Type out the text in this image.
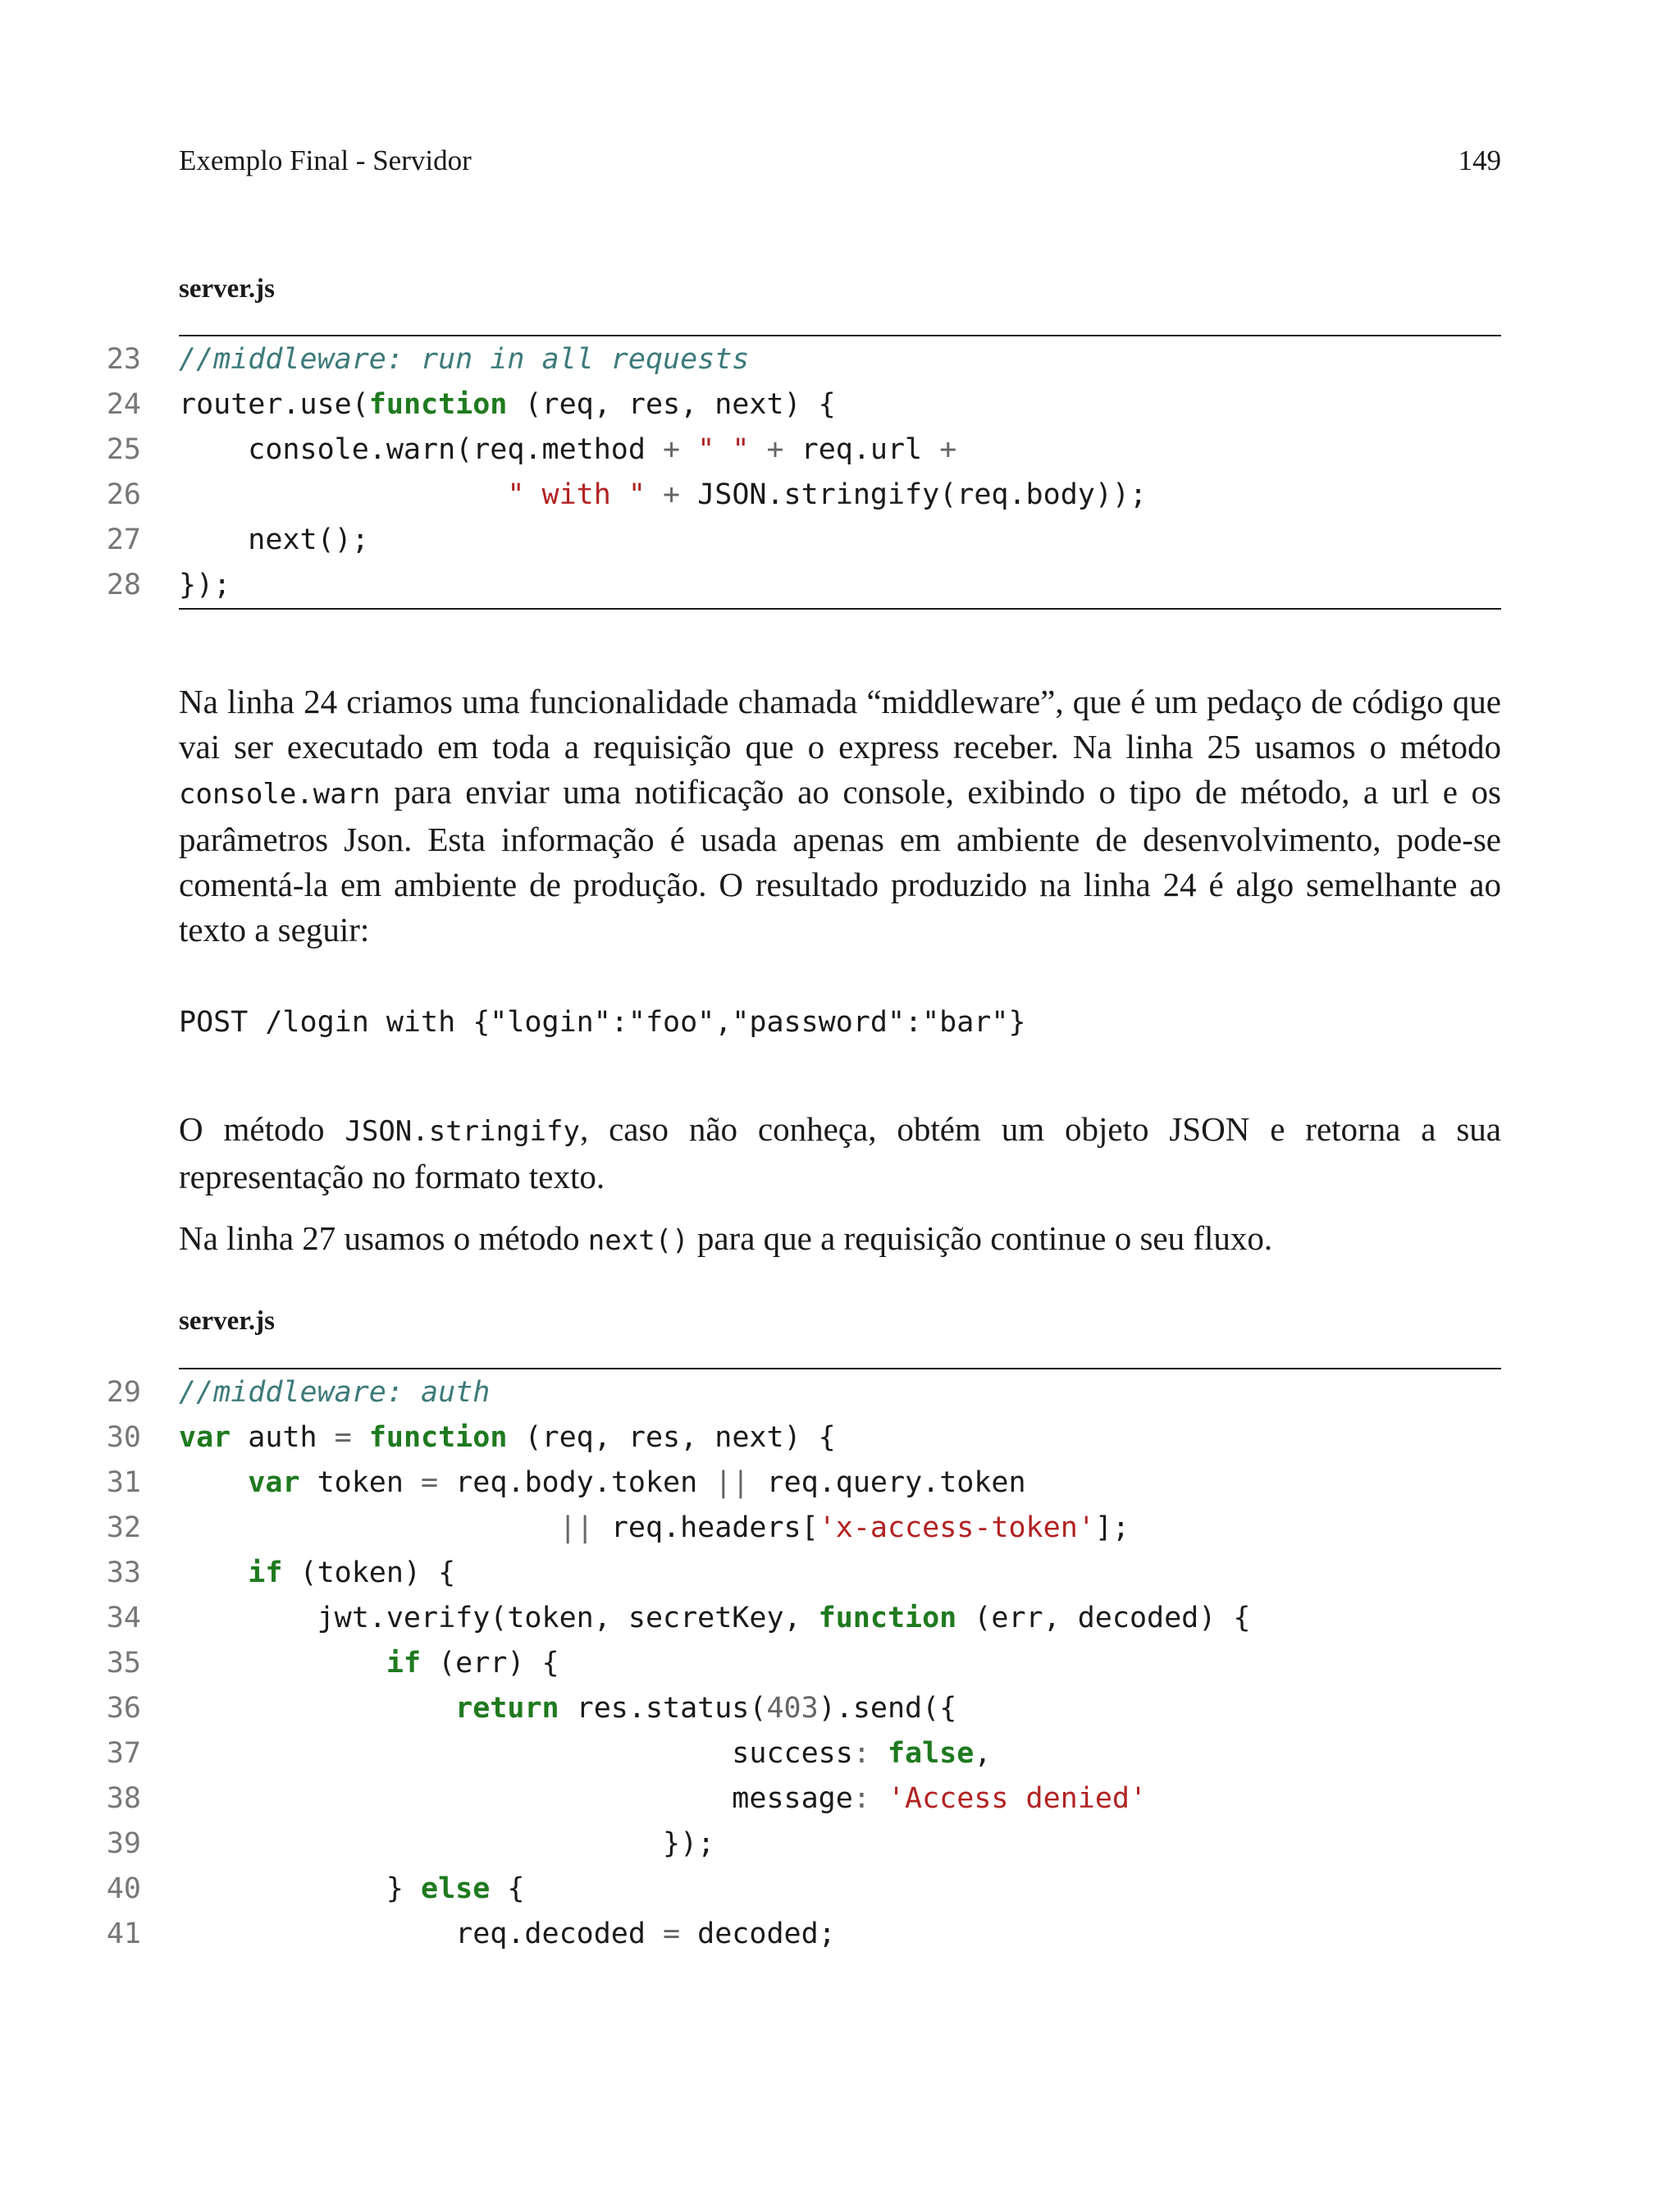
Exemplo Final - Servidor	149
server.js
23 //middleware: run in all requests
24 router.use(function (req, res, next) {
25 console.warn(req.method + " " + req.url +
26	" with " + JSON.stringify(req.body));
27 next();
28 });

Na linha 24 criamos uma funcionalidade chamada “middleware”, que é um pedaço de código que vai ser executado em toda a requisição que o express receber. Na linha 25 usamos o método console.warn para enviar uma notificação ao console, exibindo o tipo de método, a url e os parâmetros Json. Esta informação é usada apenas em ambiente de desenvolvimento, pode-se comentá-la em ambiente de produção. O resultado produzido na linha 24 é algo semelhante ao texto a seguir:

POST /login with {"login":"foo","password":"bar"}

O método JSON.stringify, caso não conheça, obtém um objeto JSON e retorna a sua representação no formato texto.

Na linha 27 usamos o método next() para que a requisição continue o seu fluxo.

server.js
29 //middleware: auth
30 var auth = function (req, res, next) {
31	var token = req.body.token || req.query.token
32	|| req.headers['x-access-token'];
33	if (token) {
34 jwt.verify(token, secretKey, function (err, decoded) {
35	if (err) {
36	return res.status(403).send({
37 success: false,
38 message: 'Access denied'
39 });
40 } else {
41 req.decoded = decoded;
